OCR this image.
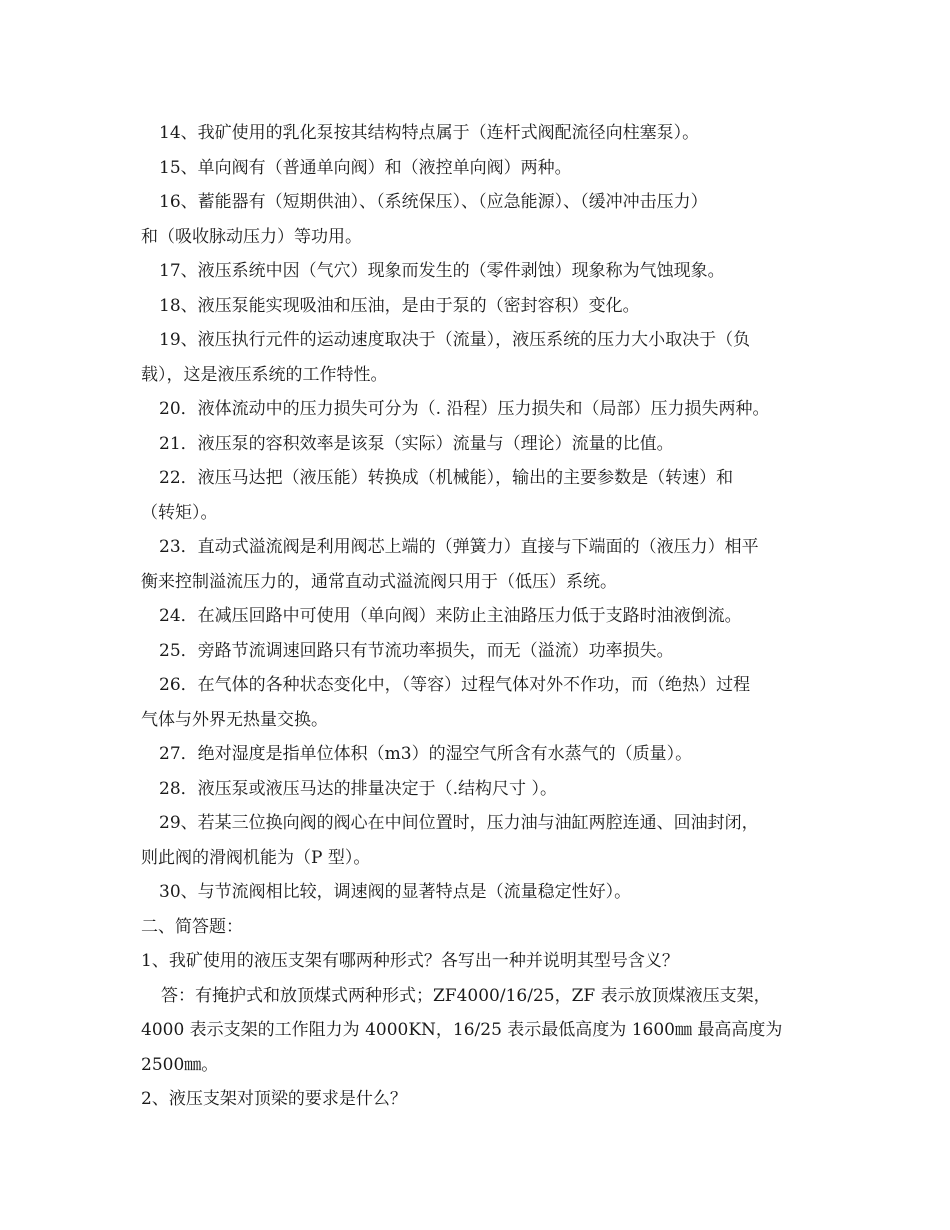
14、我矿使用的乳化泵按其结构特点属于（连杆式阀配流径向柱塞泵）。
15、单向阀有（普通单向阀）和（液控单向阀）两种。
16、蓄能器有（短期供油）、（系统保压）、（应急能源）、（缓冲冲击压力）
和（吸收脉动压力）等功用。
17、液压系统中因（气穴）现象而发生的（零件剥蚀）现象称为气蚀现象。
18、液压泵能实现吸油和压油，是由于泵的（密封容积）变化。
19、液压执行元件的运动速度取决于（流量），液压系统的压力大小取决于（负
载），这是液压系统的工作特性。
20．液体流动中的压力损失可分为（. 沿程）压力损失和（局部）压力损失两种。
21．液压泵的容积效率是该泵（实际）流量与（理论）流量的比值。
22．液压马达把（液压能）转换成（机械能），输出的主要参数是（转速）和
（转矩）。
23．直动式溢流阀是利用阀芯上端的（弹簧力）直接与下端面的（液压力）相平
衡来控制溢流压力的，通常直动式溢流阀只用于（低压）系统。
24．在减压回路中可使用（单向阀）来防止主油路压力低于支路时油液倒流。
25．旁路节流调速回路只有节流功率损失，而无（溢流）功率损失。
26．在气体的各种状态变化中，（等容）过程气体对外不作功，而（绝热）过程
气体与外界无热量交换。
27．绝对湿度是指单位体积（m3）的湿空气所含有水蒸气的（质量）。
28．液压泵或液压马达的排量决定于（.结构尺寸 ）。
29、若某三位换向阀的阀心在中间位置时，压力油与油缸两腔连通、回油封闭，
则此阀的滑阀机能为（P 型）。
30、与节流阀相比较，调速阀的显著特点是（流量稳定性好）。
二、简答题：
1、我矿使用的液压支架有哪两种形式？各写出一种并说明其型号含义？
答：有掩护式和放顶煤式两种形式；ZF4000/16/25，ZF 表示放顶煤液压支架，
4000 表示支架的工作阻力为 4000KN，16/25 表示最低高度为 1600㎜ 最高高度为
2500㎜。
2、液压支架对顶梁的要求是什么？
